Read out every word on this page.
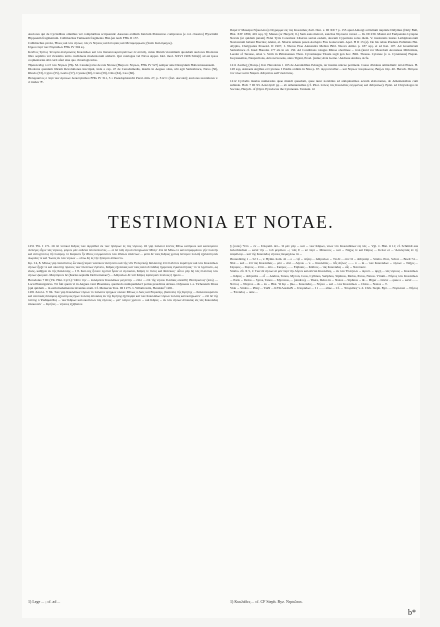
Auctores qui de Cycladibus omnibus vel compluribus scripserunt: Ausones exilium Itaiciam Pisisterrao compronos (e col. classico) Hyacinthi Hippaeum fragmentum. Callimachus Tumaeam fragmento Hist.(en nach FHG II 137.

Callimachus γαλέα, Ήλιος καὶ τῶν νήσων, τὰς ἐν Νήσοις καὶ Ιστορίας καὶ Μεταμόρφωσις (Suid. Καλλίμαχος).

Σήμου περὶ τῶν Νησιάδων FHG IV 304 sq.

Κλεῖτος Τρίτος Ἱστορία ἀναγνώσεις Κυκλάδων καὶ τῶν θαλασσοκρατησάντων ἐν αὐταῖς, cuius librum vicesimum quondam auctores Diodorus libro septimo vel vicesimo tertio credideere modernorum adducit. Qui catalogus vel Nicos Appar. Idol. mod. XXVI 1906 Säirs(t) ad est ipsos coqmentarias sibi certi afert sine quo chronlogicarias.

Ἡρακλείδης ὁ ὑπ' τῶν Νήσων (Ἡρ. Μ. Cassius) sive de rais Nicase (Harpocr. Νήσων, FHG IV 527) semper ante Dionysium Halicarnassensem.

Diodorus quantum librum Revolutiones inscripsit, inde a cap. 47 de Cenodumedis, insulis in Aegaeo sitas, ubi agit Samothrace, Naxo (50), Rhodo (53), Cypro (55), Lesbo (57), Cyrene (60), Creta (59), Chio (64), Ceo (66).

Θεόφραστος ὁ περὶ τῶν ἀγώνων Ἀσκληπιάδου FHG IV 311, 3 = Pseudoplutarchi Paral. min. 27, p. 312 C (fort. Ascolet); auctores recentiores v. ct inides 'Ξ'.

Παρὰ δ' Μακάρα Ν(ικολάου) ἐπίγραμμα εἰς τὰς Κυκλάδας Ἀνθ. Παλ. ε. III XII 7 p. 155 apud Amorgi ad Iulium nuptiale Didymus (Daly Bull, Hist. XIV 1890, 401 sqq. 5); Manes (or Hesych; ll.) Sum eans metrori, sanctisa Νησιῶτα verasi — IG III 230. Manni etd Euripendes Lyrapna Nevais (ut quidam putant) Fidei Tyris Conomsat Libertas sertan eadem, deorum Cyparissia solas diem. V. insalaratis laurus Lethiphonorum Nesiotarum habent Brecnia; Aleiur, al. Siberia Ameus pasen Asclepio Fiss Ganscorum. Apol. H II 13 (α). De his rebus Prudens Enbimais Hat. Alypha, Chalypades Praeexd. II 1907, I. Nieros Eiae Alexandra Mellon Bibl. Nuova Attiko p. 187 sqq. et ad Kei. 107. Ad Graemicam Samothrace cf. Insel Haredas 177 als in ad. 150. Ad Conditions rolagus Minoe oberlinae ... iran (kurd vor Meerdom Aronsieae Mithridate, Leedar of Terasse, Alon v. Sicm in Pimoisenses Thon. Cyroniusque Thasia regii gen hoc. Bibl. Thouas. Cyrenae (c. u. Cyrennaus) Fiepan. Isoyauaemas, Naupactions, Aris nerveoens, anno Tigani, Proel. (sulae; Avia Gerne / Andreae Andrea, sicfe.

1211 Ἀνάδοξ (Πολεμ.) Ital. Herodotus 1 165 de Aeranidibus Pelasgis, ter insulas unicae pertinent. Caesa divideus amitadium: ἀλλὰ Phaes. H. 128 sqq. Asinaeis Argibus et Cyrenae. I Paidia ordinis in Nisa p. 67. Ἀργουνταΐδα ... καὶ Νήσων πουρίκωνος. Βαζων ὕπρ. 40. Hersch. Πάτμου τὸν νέων κατὰ Νάφοδ. Ἀθηναίου καθ' ἐκάσταυς.

1212 Cycladis insulas numeradas quae mundi quaedam, quae nunc notabiles ad antiquissimos aevum elaborantes, ab Atheniensibus cum subinde. Hall. 7 III 93. Ἀσκλήπιδ' pp ... ab Atheniensibus (cf. Phot. πόλεις τὰς Κυκλάδες λεγομένας καὶ Ἀθηναίων). Epist. ad Chrysologos in Socrate, Hesych. of (Dyer. Pyrodocus the Cyreneans. Tennant. id

TESTIMONIA ET NOTAE.

1251 Ἡλ. I 171. Οἱ δὲ τοπικοὶ Κᾶρες τῶν Ἀργαθιοὶ ἐκ τῶν ἡπείρων ἐς τὰς νήσους. Οἱ γὰρ παλαιοὶ ἐόντες Μίνω κατήκοοι καὶ καλεόμενοι Λέλεγες εἶχον τὰς νήσους, φόρον μὲν οὐδένα ὑποτελέοντες — οἱ δὲ ταῖς νηυσὶ ἐπληρωσαν Μίνῳ· ἅτε δὲ Μίνω τε κατεστραμμένου γῆν πολλὴν καὶ εὐτυχέοντος τῷ πολέμῳ, τὸ Καρικὸν ἦν ἔθνος λογιμώτατον τῶν ἐθνέων ἁπάντων ... μετὰ δὲ τοὺς Κᾶρας χρόνῳ ὕστερον πολλῷ ἐξανέστησαν Δωριέες τε καὶ Ἴωνες ἐκ τῶν νήσων ... οὕτω δὴ ἐς τὴν ἤπειρον ἀπίκοντο.

Κρ. I 4, 8. Μίνως γὰρ παλαίτατος ὧν ἀκοῇ ἴσμεν ναυτικὸν ἐκτήσατο καὶ τῆς νῦν Ἑλληνικῆς θαλάσσης ἐπὶ πλεῖστον ἐκράτησε καὶ τῶν Κυκλάδων νήσων ἦρξέ τε καὶ οἰκιστὴς πρῶτος τῶν πλείστων ἐγένετο, Κᾶρας ἐξελάσας καὶ τοὺς ἑαυτοῦ παῖδας ἡγεμόνας ἐγκαταστήσας· τό τε λῃστικόν, ὡς εἰκός, καθῄρει ἐκ τῆς θαλάσσης ... I 8. Καὶ οὐχ ἧσσον λῃσταὶ ἦσαν οἱ νησιῶται, Κᾶρές τε ὄντες καὶ Φοίνικες· οὗτοι γὰρ δὴ τὰς πλείστας τῶν νήσων ᾤκησαν. Μαρτύριον δέ (Kartus septaliu Deli terrenae?) ... Ἀθηναίων δὲ τοῦ Κᾶρες ἐφάνησαν πλείους ἥ ἥμισυ ...

Herodotus 7 III (Vit. Hist. Cycl.): 'Οὔτε τὴν ... ἐκλάμπειν Κυκλάδων μεγίστην ... ἐπίσ ... ἐπὶ τῆς νήσου Ιλλιδίας οἰκίσθη' Θεσπρώτοις' (tota) — Lacu Phaturgais'es. Tri fuit quern vi in Angues veni Phaenissa, quomodo numquamdecl potius praedicus Aviaea. Odysseus i. e. Tichereum Dioss (qui quidem ... in eam medemerens inventus aram. Cf. Meisecus Tres. III I 275. v. Wilamowitz, Herakles² 1261.

1281 Ἀπολλ. V 84. Τῶν γὰρ Κυκλάδων νήσων τὸ παλαιὸν ἐρήμων οὐσῶν Μίνως ὁ Διὸς καὶ Εὐρώπης, βασιλεὺς τῆς Κρήτης ... θαλασσοκρατῶν καὶ ναυτικὰς δυνάμεις ἀξιολόγους ἔχων πολλὰς ἀποικίας ἐκ τῆς Κρήτης ἐξέπεμψε καὶ τῶν Κυκλάδων νήσων πολλὰς κατεκλήρωσεν· ... ἐπὶ δὲ τῆς ταύτης ὁ Ῥαδάμανθυς ... τῶν Κᾶρων κατοικούντων τὰς νήσους ... μετ' ὀλίγον χρόνον ... καὶ Κᾶρες ... ἐκ τῶν νήσων ἀποικίας εἰς τὰς Κυκλάδας ἀπώκισαν· ... Κρῆτες ... νήσους ἐξέβαλον.

§ (cont.) Ὑπὸ ... ἐν ... Σπυριάδ. Ἀπ... Ὁ μὲν γὰρ ... καὶ ... τῶν Κᾶρων, νέων τὸν Κυκλαδίδων εἰς τὰς ... Vgl. v. Hist. ii 11; cf. Schmidt aus Griechischen ... κατὰ τὴν ... τοῦ μεγάλου ...; τοῖς δ' ... κέ περὶ ... Μύκονος ... καὶ ... Νάξος τε καὶ Πάρος ... In hac et ... 'Ἀσκληπιὰς ἐν τῇ ἀσφάλειᾳ ... καὶ τῆς Κυκλάδος νήσους διεμαχέσω τὰ ...

Θουκυδίδης 1 ... 52 I ..., v. Hymn. hom. 41 ... ο ... τῷ ... Δῆλῳ ... Ἀθηναίων ... Τὰ δὲ ... σὺν Ὁ ... Ἀθηναίῳ ... Strabo. Ptol., Schol. ... Boelt 74 ... Nisi ... sed ... ἐπὶ τὰς Κυκλάδας ... μέσ ... ἀπὸ ... Δήλου ... v. ... Κυκλάδες ... 'αἷς Δῆλος' ... ... v. ... in ... τῶν Κυκλάδων ... νήσων ... Νάξος ... Σέριφος ... Σίφνος ... ἑπτά ... ἀπο ... Σκύρος ... ... Εὐβοίας ... Κύθνος ... τὰς Κυκλάδας ... αἷς ... Ναυτικόν.

Strabo. cfr. X 5, 1: Τῶν δὲ νήσων αἱ μὲν περὶ τὴν Δῆλον καλοῦνται Κυκλάδες, ... ἐκ τῶν Ἑλλήνων ... Ἀριστ. ... ἀρχή ... τὰς νήσους ... Κυκλάδων ... Κᾶρες ... Ἀθηναῖοι ... οἷ ... Andros, Tenos, Mycon, Ceos, Cythnos, Seriphos, Siphnos, Melos, Paros, Naxos. Vtrum... Νῆσος τῶν Κυκλάδων ... Paris ... Delos ... Syros, Tenos ... Myconos, ... (Andros), ... Thera, Delos in ... Naxos ... Siphnos ... & ... Θήρα ... πάντα ... quae a ... κατά ... ... Νότιος ... Nisyros ... & ... ἐκ ... Hist. 'Ὁ Κρ ... βίω ... Κυκλάδες, ... Νῆσοι ... καὶ ... τῶν Κυκλάδων ... Chios ... Naxos ... T.

Vide ... Strabo ... Pliny ... ΤΩΝ ... ΚΥΚΛΑΔΩΝ ... Σποράδων ... I 1 ... ... aliae ... Cf. ... 'Σποράδες' v. d. Chiv. Steph. Byz. — Νησιῶται ... Νῆσος ... Ἑλλάδος ... ante ...

1) Lege ... ; cf. ad ...	1) Κυκλάδες ... cf. CF Steph. Byz. Νησιῶται.
b*
